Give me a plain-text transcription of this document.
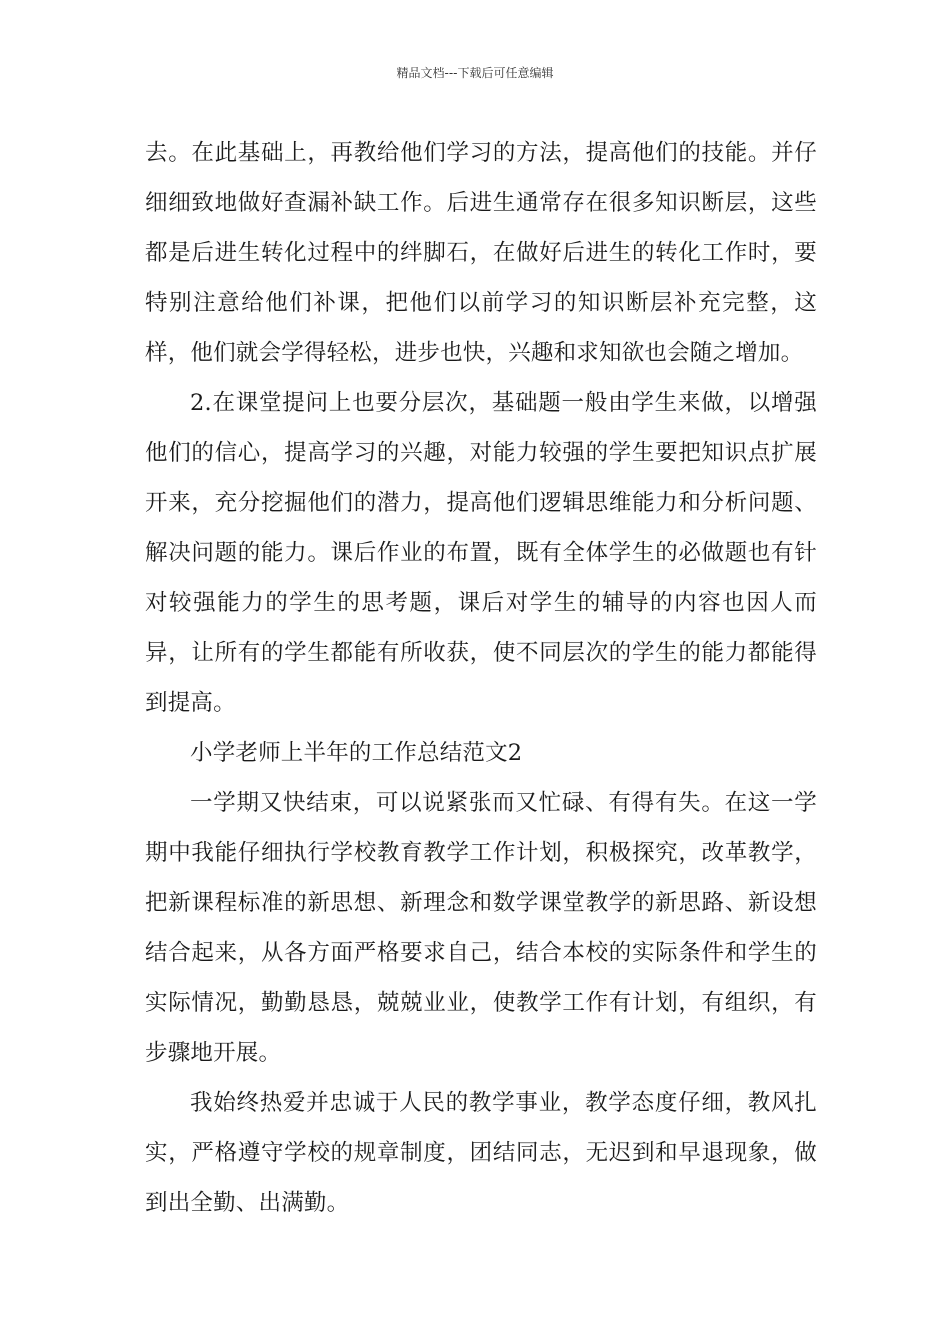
精品文档---下载后可任意编辑

去。在此基础上，再教给他们学习的方法，提高他们的技能。并仔细细致地做好查漏补缺工作。后进生通常存在很多知识断层，这些都是后进生转化过程中的绊脚石，在做好后进生的转化工作时，要特别注意给他们补课，把他们以前学习的知识断层补充完整，这样，他们就会学得轻松，进步也快，兴趣和求知欲也会随之增加。

2.在课堂提问上也要分层次，基础题一般由学生来做，以增强他们的信心，提高学习的兴趣，对能力较强的学生要把知识点扩展开来，充分挖掘他们的潜力，提高他们逻辑思维能力和分析问题、解决问题的能力。课后作业的布置，既有全体学生的必做题也有针对较强能力的学生的思考题，课后对学生的辅导的内容也因人而异，让所有的学生都能有所收获，使不同层次的学生的能力都能得到提高。

小学老师上半年的工作总结范文2

一学期又快结束，可以说紧张而又忙碌、有得有失。在这一学期中我能仔细执行学校教育教学工作计划，积极探究，改革教学，把新课程标准的新思想、新理念和数学课堂教学的新思路、新设想结合起来，从各方面严格要求自己，结合本校的实际条件和学生的实际情况，勤勤恳恳，兢兢业业，使教学工作有计划，有组织，有步骤地开展。

我始终热爱并忠诚于人民的教学事业，教学态度仔细，教风扎实，严格遵守学校的规章制度，团结同志，无迟到和早退现象，做到出全勤、出满勤。
